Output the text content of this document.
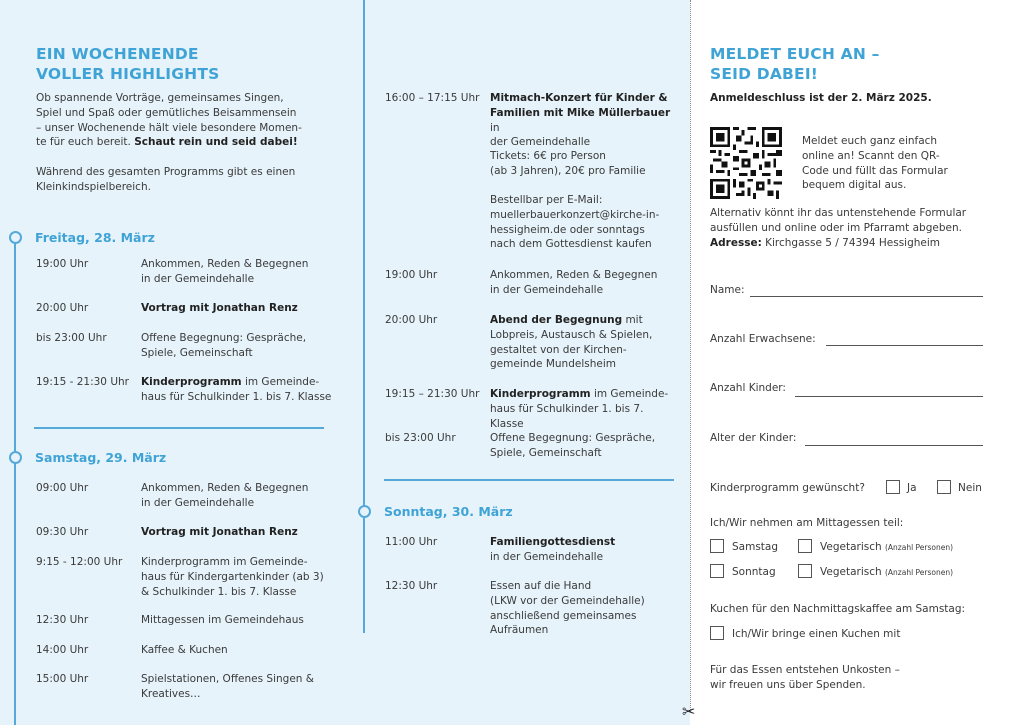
✂
EIN WOCHENENDE
VOLLER HIGHLIGHTS
Ob spannende Vorträge, gemeinsames Singen,
Spiel und Spaß oder gemütliches Beisammensein
– unser Wochenende hält viele besondere Momen-
te für euch bereit. Schaut rein und seid dabei!
Während des gesamten Programms gibt es einen
Kleinkindspielbereich.
Freitag, 28. März
19:00 Uhr	Ankommen, Reden & Begegnen
in der Gemeindehalle
20:00 Uhr	Vortrag mit Jonathan Renz
bis 23:00 Uhr	Offene Begegnung: Gespräche,
Spiele, Gemeinschaft
19:15 - 21:30 Uhr Kinderprogramm im Gemeinde-
haus für Schulkinder 1. bis 7. Klasse
Samstag, 29. März
09:00 Uhr	Ankommen, Reden & Begegnen
in der Gemeindehalle
09:30 Uhr	Vortrag mit Jonathan Renz
9:15 - 12:00 Uhr Kinderprogramm im Gemeinde-
haus für Kindergartenkinder (ab 3)
& Schulkinder 1. bis 7. Klasse
12:30 Uhr	Mittagessen im Gemeindehaus
14:00 Uhr	Kaffee & Kuchen
15:00 Uhr	Spielstationen, Offenes Singen &
Kreatives…
16:00 – 17:15 Uhr Mitmach-Konzert für Kinder &
Familien mit Mike Müllerbauer in
der Gemeindehalle
Tickets: 6€ pro Person
(ab 3 Jahren), 20€ pro Familie
Bestellbar per E-Mail:
muellerbauerkonzert@kirche-in-
hessigheim.de oder sonntags
nach dem Gottesdienst kaufen
19:00 Uhr	Ankommen, Reden & Begegnen
in der Gemeindehalle
20:00 Uhr	Abend der Begegnung mit
Lobpreis, Austausch & Spielen,
gestaltet von der Kirchen-
gemeinde Mundelsheim
19:15 – 21:30 Uhr Kinderprogramm im Gemeinde-
haus für Schulkinder 1. bis 7. Klasse
bis 23:00 Uhr	Offene Begegnung: Gespräche,
Spiele, Gemeinschaft
Sonntag, 30. März
11:00 Uhr	Familiengottesdienst
in der Gemeindehalle
12:30 Uhr	Essen auf die Hand
(LKW vor der Gemeindehalle)
anschließend gemeinsames
Aufräumen
MELDET EUCH AN –
SEID DABEI!
Anmeldeschluss ist der 2. März 2025.
Meldet euch ganz einfach
online an! Scannt den QR-
Code und füllt das Formular
bequem digital aus.
Alternativ könnt ihr das untenstehende Formular
ausfüllen und online oder im Pfarramt abgeben.
Adresse: Kirchgasse 5 / 74394 Hessigheim
Name:
Anzahl Erwachsene:
Anzahl Kinder:
Alter der Kinder:
Kinderprogramm gewünscht?	Ja	Nein
Ich/Wir nehmen am Mittagessen teil:
Samstag	Vegetarisch (Anzahl Personen)
Sonntag	Vegetarisch (Anzahl Personen)
Kuchen für den Nachmittagskaffee am Samstag:
Ich/Wir bringe einen Kuchen mit
Für das Essen entstehen Unkosten –
wir freuen uns über Spenden.
